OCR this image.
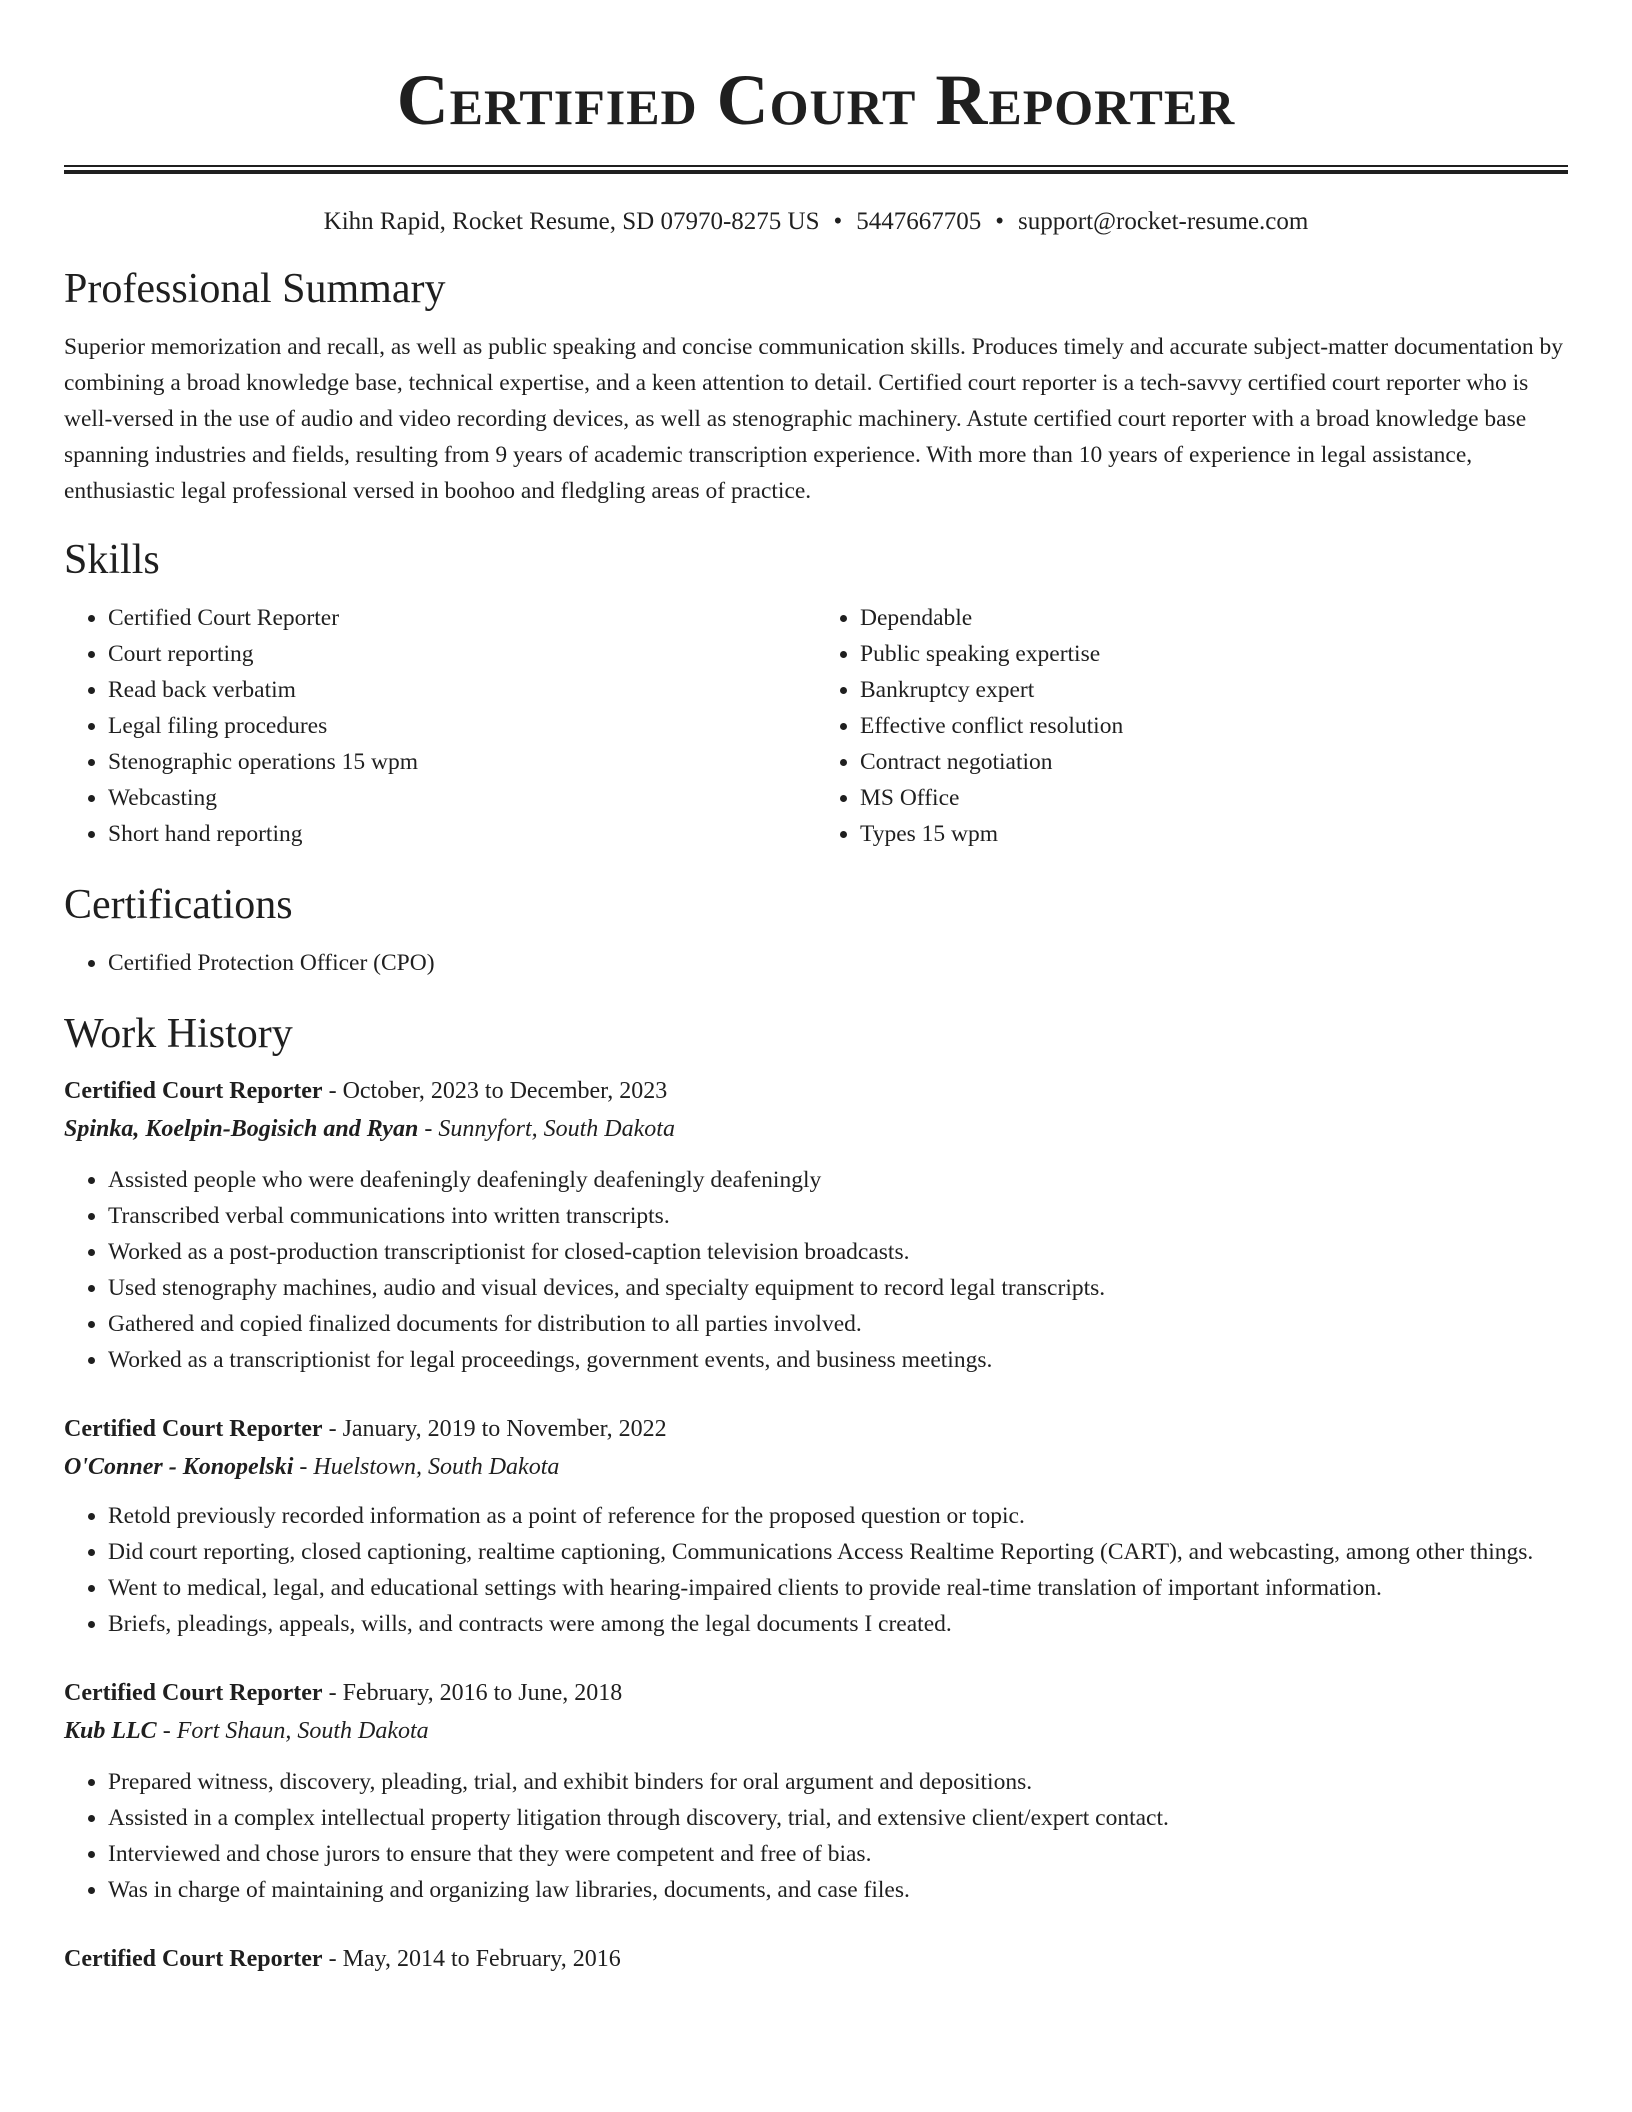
Certified Court Reporter
Kihn Rapid, Rocket Resume, SD 07970-8275 US • 5447667705 • support@rocket-resume.com
Professional Summary

Superior memorization and recall, as well as public speaking and concise communication skills. Produces timely and accurate subject-matter documentation by combining a broad knowledge base, technical expertise, and a keen attention to detail. Certified court reporter is a tech-savvy certified court reporter who is well-versed in the use of audio and video recording devices, as well as stenographic machinery. Astute certified court reporter with a broad knowledge base spanning industries and fields, resulting from 9 years of academic transcription experience. With more than 10 years of experience in legal assistance, enthusiastic legal professional versed in boohoo and fledgling areas of practice.

Skills
• Certified Court Reporter
• Court reporting
• Read back verbatim
• Legal filing procedures
• Stenographic operations 15 wpm
• Webcasting
• Short hand reporting
• Dependable
• Public speaking expertise
• Bankruptcy expert
• Effective conflict resolution
• Contract negotiation
• MS Office
• Types 15 wpm
Certifications
• Certified Protection Officer (CPO)
Work History
Certified Court Reporter - October, 2023 to December, 2023
Spinka, Koelpin-Bogisich and Ryan - Sunnyfort, South Dakota
• Assisted people who were deafeningly deafeningly deafeningly deafeningly
• Transcribed verbal communications into written transcripts.
• Worked as a post-production transcriptionist for closed-caption television broadcasts.
• Used stenography machines, audio and visual devices, and specialty equipment to record legal transcripts.
• Gathered and copied finalized documents for distribution to all parties involved.
• Worked as a transcriptionist for legal proceedings, government events, and business meetings.
Certified Court Reporter - January, 2019 to November, 2022
O'Conner - Konopelski - Huelstown, South Dakota
• Retold previously recorded information as a point of reference for the proposed question or topic.
• Did court reporting, closed captioning, realtime captioning, Communications Access Realtime Reporting (CART), and webcasting, among other things.
• Went to medical, legal, and educational settings with hearing-impaired clients to provide real-time translation of important information.
• Briefs, pleadings, appeals, wills, and contracts were among the legal documents I created.
Certified Court Reporter - February, 2016 to June, 2018
Kub LLC - Fort Shaun, South Dakota
• Prepared witness, discovery, pleading, trial, and exhibit binders for oral argument and depositions.
• Assisted in a complex intellectual property litigation through discovery, trial, and extensive client/expert contact.
• Interviewed and chose jurors to ensure that they were competent and free of bias.
• Was in charge of maintaining and organizing law libraries, documents, and case files.
Certified Court Reporter - May, 2014 to February, 2016
